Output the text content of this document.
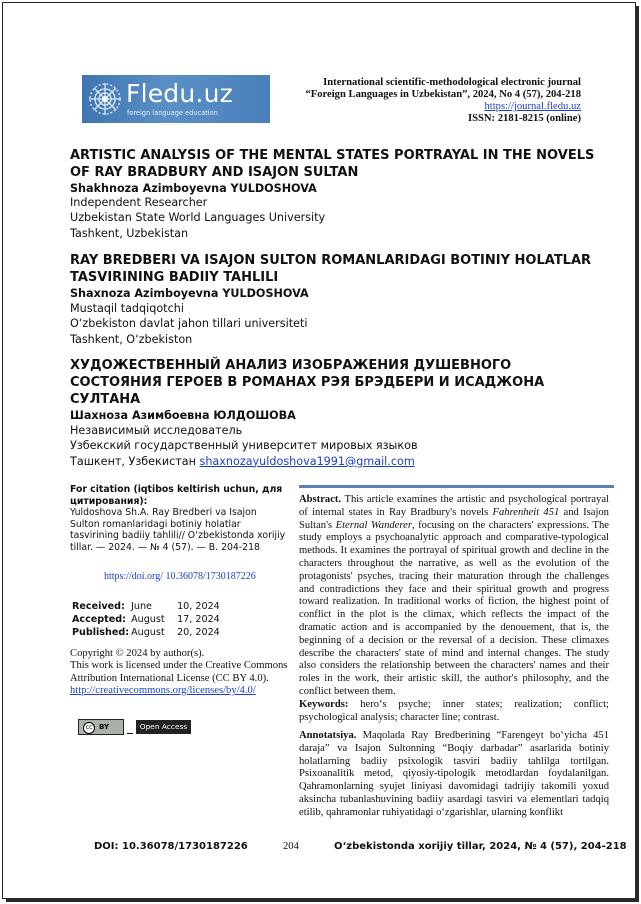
Fledu.uz
foreign language education
International scientific-methodological electronic journal
“Foreign Languages in Uzbekistan”, 2024, No 4 (57), 204-218
https://journal.fledu.uz
ISSN: 2181-8215 (online)
ARTISTIC ANALYSIS OF THE MENTAL STATES PORTRAYAL IN THE NOVELS OF RAY BRADBURY AND ISAJON SULTAN
Shakhnoza Azimboyevna YULDOSHOVA
Independent Researcher
Uzbekistan State World Languages University
Tashkent, Uzbekistan
RAY BREDBERI VA ISAJON SULTON ROMANLARIDAGI BOTINIY HOLATLAR TASVIRINING BADIIY TAHLILI
Shaxnoza Azimboyevna YULDOSHOVA
Mustaqil tadqiqotchi
O‘zbekiston davlat jahon tillari universiteti
Tashkent, O‘zbekiston
ХУДОЖЕСТВЕННЫЙ АНАЛИЗ ИЗОБРАЖЕНИЯ ДУШЕВНОГО СОСТОЯНИЯ ГЕРОЕВ В РОМАНАХ РЭЯ БРЭДБЕРИ И ИСАДЖОНА СУЛТАНА
Шахноза Азимбоевна ЮЛДОШОВА
Независимый исследователь
Узбекский государственный университет мировых языков
Ташкент, Узбекистан shaxnozayuldoshova1991@gmail.com
For citation (iqtibos keltirish uchun, для цитирования):
Yuldoshova Sh.A. Ray Bredberi va Isajon Sulton romanlaridagi botiniy holatlar tasvirining badiiy tahlili// O‘zbekistonda xorijiy tillar. — 2024. — № 4 (57). — B. 204-218
https://doi.org/ 10.36078/1730187226
Received:	June	10, 2024
Accepted:	August	17, 2024
Published:	August	20, 2024
Copyright © 2024 by author(s).
This work is licensed under the Creative Commons Attribution International License (CC BY 4.0).
http://creativecommons.org/licenses/by/4.0/
cc BY	Open Access
Abstract. This article examines the artistic and psychological portrayal of internal states in Ray Bradbury's novels Fahrenheit 451 and Isajon Sultan's Eternal Wanderer, focusing on the characters' expressions. The study employs a psychoanalytic approach and comparative-typological methods. It examines the portrayal of spiritual growth and decline in the characters throughout the narrative, as well as the evolution of the protagonists' psyches, tracing their maturation through the challenges and contradictions they face and their spiritual growth and progress toward realization. In traditional works of fiction, the highest point of conflict in the plot is the climax, which reflects the impact of the dramatic action and is accompanied by the denouement, that is, the beginning of a decision or the reversal of a decision. These climaxes describe the characters' state of mind and internal changes. The study also considers the relationship between the characters' names and their roles in the work, their artistic skill, the author's philosophy, and the conflict between them.
Keywords: hero‘s psyche; inner states; realization; conflict; psychological analysis; character line; contrast.
Annotatsiya. Maqolada Ray Bredberining “Farengeyt bo‘yicha 451 daraja” va Isajon Sultonning “Boqiy darbadar” asarlarida botiniy holatlarning badiiy psixologik tasviri badiiy tahlilga tortilgan. Psixoanalitik metod, qiyosiy-tipologik metodlardan foydalanilgan. Qahramonlarning syujet liniyasi davomidagi tadrijiy takomili yoxud aksincha tubanlashuvining badiiy asardagi tasviri va elementlari tadqiq etilib, qahramonlar ruhiyatidagi o‘zgarishlar, ularning konflikt
DOI: 10.36078/1730187226	204	O‘zbekistonda xorijiy tillar, 2024, № 4 (57), 204-218
